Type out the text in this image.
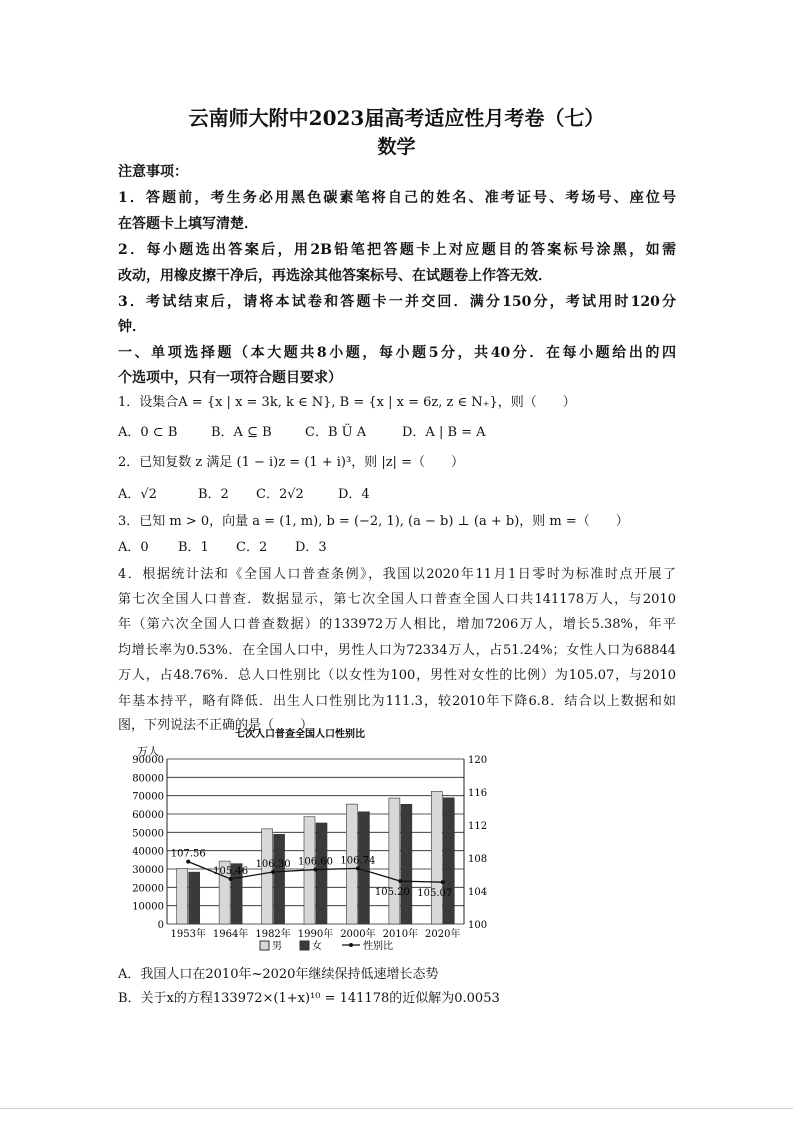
云南师大附中2023届高考适应性月考卷（七）
数学
注意事项：
1．答题前，考生务必用黑色碳素笔将自己的姓名、准考证号、考场号、座位号
在答题卡上填写清楚．
2．每小题选出答案后，用2B铅笔把答题卡上对应题目的答案标号涂黑，如需
改动，用橡皮擦干净后，再选涂其他答案标号、在试题卷上作答无效．
3．考试结束后，请将本试卷和答题卡一并交回．满分150分，考试用时120分
钟．
一、单项选择题（本大题共8小题，每小题5分，共40分．在每小题给出的四
个选项中，只有一项符合题目要求）
1．设集合A = {x | x = 3k, k ∈ N}, B = {x | x = 6z, z ∈ N₊}，则（　　）
A．0 ⊂ B	B．A ⊆ B	C．B Ü A	D．A | B = A
2．已知复数 z 满足 (1 − i)z = (1 + i)³，则 |z| =（　　）
A．√2	B．2 C．2√2	D．4
3．已知 m > 0，向量 a = (1, m), b = (−2, 1), (a − b) ⊥ (a + b)，则 m =（　　）
A．0 B．1 C．2 D．3
4．根据统计法和《全国人口普查条例》，我国以2020年11月1日零时为标准时点开展了
第七次全国人口普查．数据显示，第七次全国人口普查全国人口共141178万人，与2010
年（第六次全国人口普查数据）的133972万人相比，增加7206万人，增长5.38%，年平
均增长率为0.53%．在全国人口中，男性人口为72334万人，占51.24%；女性人口为68844
万人，占48.76%．总人口性别比（以女性为100，男性对女性的比例）为105.07，与2010
年基本持平，略有降低．出生人口性别比为111.3，较2010年下降6.8．结合以上数据和如
图，下列说法不正确的是（　　）
七次人口普查全国人口性别比
万人
107.56
105.46
106.30 106.60 106.74
105.20 105.07
0
10000
20000
30000
40000
50000
60000
70000
80000
90000
100
104
108
112
116
120
1953年 1964年 1982年 1990年 2000年 2010年 2020年
男	女	性别比
A．我国人口在2010年~2020年继续保持低速增长态势
B．关于x的方程133972×(1+x)¹⁰ = 141178的近似解为0.0053
